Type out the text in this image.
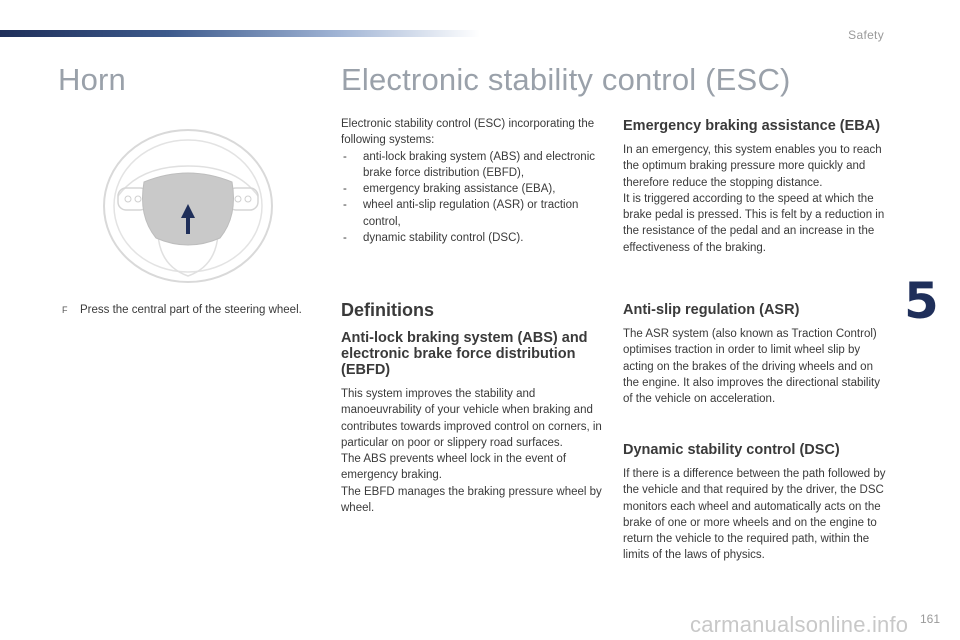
Safety
Horn	Electronic stability control (ESC)
F	Press the central part of the steering wheel.

Electronic stability control (ESC) incorporating the following systems:

- anti-lock braking system (ABS) and electronic brake force distribution (EBFD),
- emergency braking assistance (EBA),
- wheel anti-slip regulation (ASR) or traction control,
- dynamic stability control (DSC).
Definitions
Anti-lock braking system (ABS) and electronic brake force distribution (EBFD)

This system improves the stability and manoeuvrability of your vehicle when braking and contributes towards improved control on corners, in particular on poor or slippery road surfaces.

The ABS prevents wheel lock in the event of emergency braking.

The EBFD manages the braking pressure wheel by wheel.

Emergency braking assistance (EBA)

In an emergency, this system enables you to reach the optimum braking pressure more quickly and therefore reduce the stopping distance.

It is triggered according to the speed at which the brake pedal is pressed. This is felt by a reduction in the resistance of the pedal and an increase in the effectiveness of the braking.

Anti-slip regulation (ASR)

The ASR system (also known as Traction Control) optimises traction in order to limit wheel slip by acting on the brakes of the driving wheels and on the engine. It also improves the directional stability of the vehicle on acceleration.

Dynamic stability control (DSC)

If there is a difference between the path followed by the vehicle and that required by the driver, the DSC monitors each wheel and automatically acts on the brake of one or more wheels and on the engine to return the vehicle to the required path, within the limits of the laws of physics.

5
carmanualsonline.info 161
